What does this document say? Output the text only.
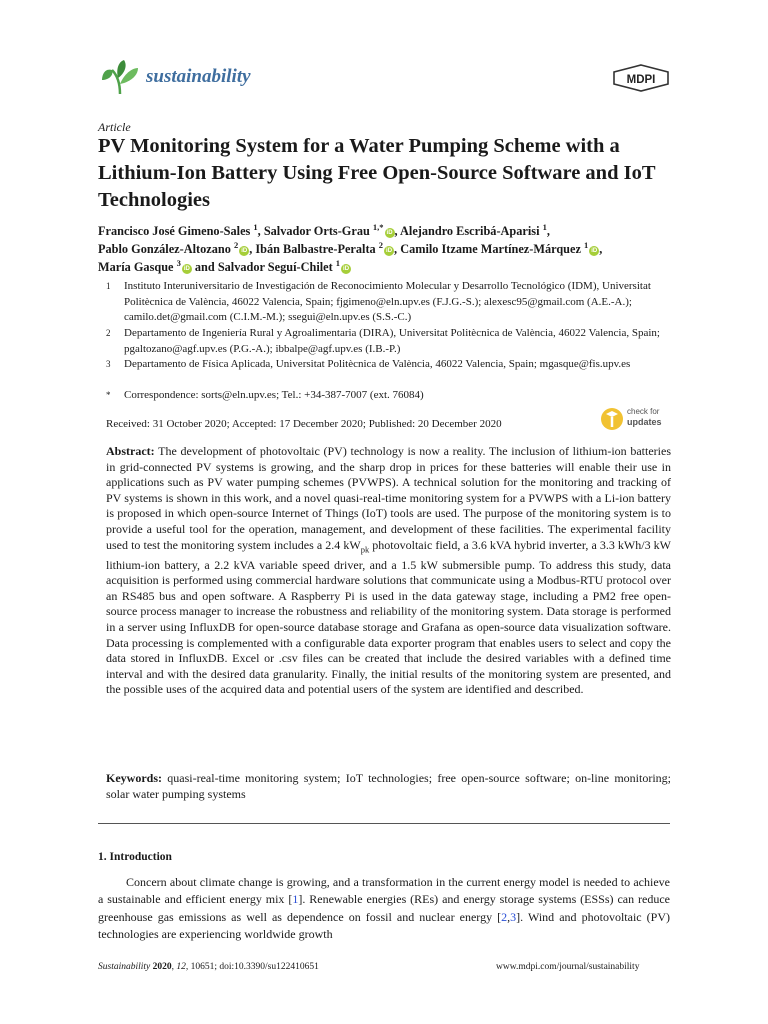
sustainability	MDPI
Article
PV Monitoring System for a Water Pumping Scheme with a Lithium-Ion Battery Using Free Open-Source Software and IoT Technologies
Francisco José Gimeno-Sales $^1$, Salvador Orts-Grau $^{1,*}$iD , Alejandro Escribá-Aparisi $^1$,
Pablo González-Altozano $^2$iD , Ibán Balbastre-Peralta $^2$iD , Camilo Itzame Martínez-Márquez $^1$iD ,
María Gasque $^3$iD and Salvador Seguí-Chilet $^1$iD
1 Instituto Interuniversitario de Investigación de Reconocimiento Molecular y Desarrollo Tecnológico (IDM), Universitat Politècnica de València, 46022 Valencia, Spain; fjgimeno@eln.upv.es (F.J.G.-S.); alexesc95@gmail.com (A.E.-A.); camilo.det@gmail.com (C.I.M.-M.); ssegui@eln.upv.es (S.S.-C.)
2 Departamento de Ingeniería Rural y Agroalimentaria (DIRA), Universitat Politècnica de València, 46022 Valencia, Spain; pgaltozano@agf.upv.es (P.G.-A.); ibbalpe@agf.upv.es (I.B.-P.)
3 Departamento de Física Aplicada, Universitat Politècnica de València, 46022 Valencia, Spain; mgasque@fis.upv.es
* Correspondence: sorts@eln.upv.es; Tel.: +34-387-7007 (ext. 76084)
Received: 31 October 2020; Accepted: 17 December 2020; Published: 20 December 2020
check for
updates
Abstract: The development of photovoltaic (PV) technology is now a reality. The inclusion of lithium-ion batteries in grid-connected PV systems is growing, and the sharp drop in prices for these batteries will enable their use in applications such as PV water pumping schemes (PVWPS). A technical solution for the monitoring and tracking of PV systems is shown in this work, and a novel quasi-real-time monitoring system for a PVWPS with a Li-ion battery is proposed in which open-source Internet of Things (IoT) tools are used. The purpose of the monitoring system is to provide a useful tool for the operation, management, and development of these facilities. The experimental facility used to test the monitoring system includes a 2.4 $kW_{pk}$ photovoltaic field, a 3.6 kVA hybrid inverter, a 3.3 kWh/3 kW lithium-ion battery, a 2.2 kVA variable speed driver, and a 1.5 kW submersible pump. To address this study, data acquisition is performed using commercial hardware solutions that communicate using a Modbus-RTU protocol over an RS485 bus and open software. A Raspberry Pi is used in the data gateway stage, including a PM2 free open-source process manager to increase the robustness and reliability of the monitoring system. Data storage is performed in a server using InfluxDB for open-source database storage and Grafana as open-source data visualization software. Data processing is complemented with a configurable data exporter program that enables users to select and copy the data stored in InfluxDB. Excel or .csv files can be created that include the desired variables with a defined time interval and with the desired data granularity. Finally, the initial results of the monitoring system are presented, and the possible uses of the acquired data and potential users of the system are identified and described.
Keywords: quasi-real-time monitoring system; IoT technologies; free open-source software; on-line monitoring; solar water pumping systems
1. Introduction
Concern about climate change is growing, and a transformation in the current energy model is needed to achieve a sustainable and efficient energy mix [1]. Renewable energies (REs) and energy storage systems (ESSs) can reduce greenhouse gas emissions as well as dependence on fossil and nuclear energy [2,3]. Wind and photovoltaic (PV) technologies are experiencing worldwide growth
Sustainability 2020, 12, 10651; doi:10.3390/su122410651	www.mdpi.com/journal/sustainability
